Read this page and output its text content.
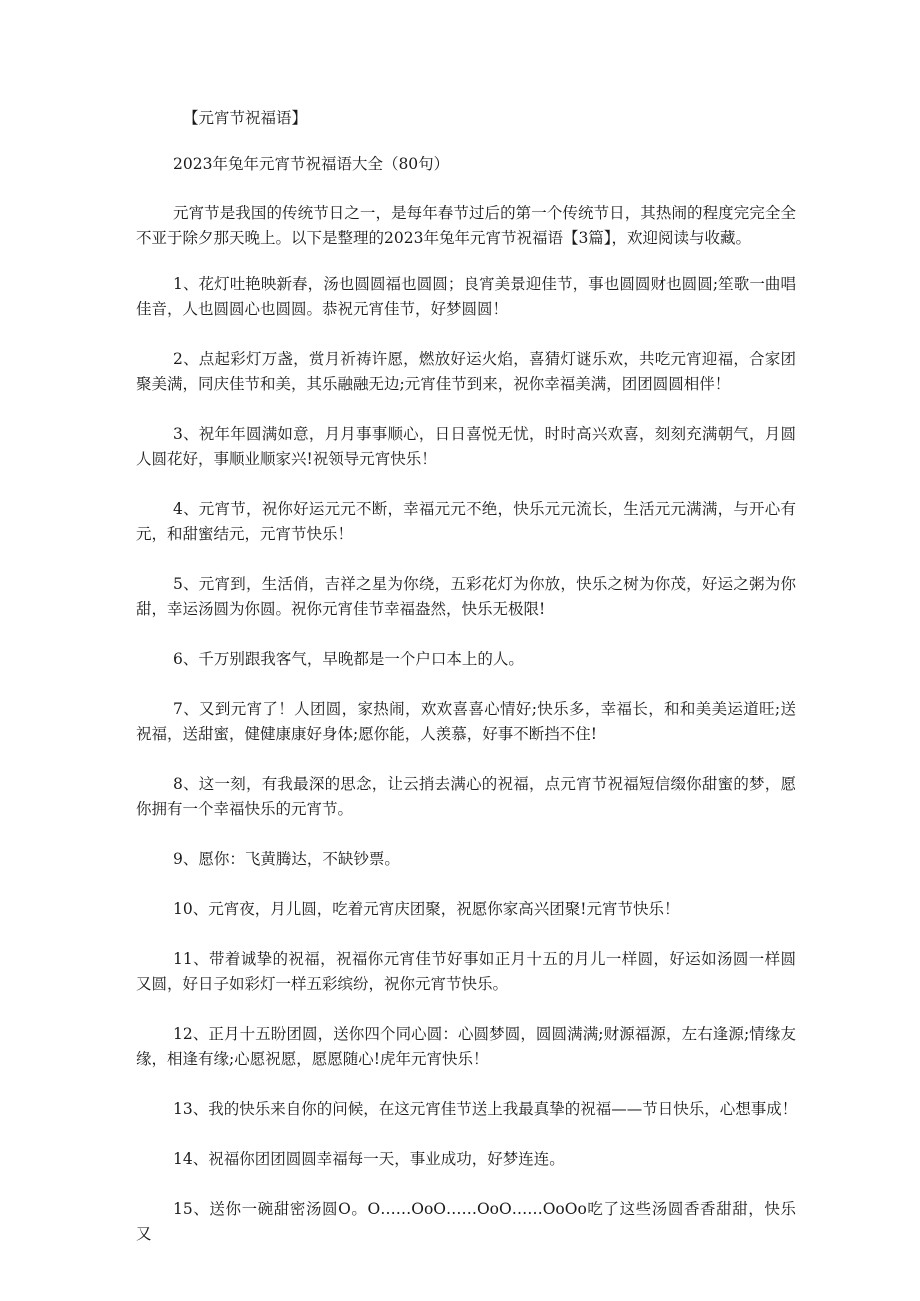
【元宵节祝福语】
2023年兔年元宵节祝福语大全（80句）

元宵节是我国的传统节日之一，是每年春节过后的第一个传统节日，其热闹的程度完完全全不亚于除夕那天晚上。以下是整理的2023年兔年元宵节祝福语【3篇】，欢迎阅读与收藏。

1、花灯吐艳映新春，汤也圆圆福也圆圆；良宵美景迎佳节，事也圆圆财也圆圆;笙歌一曲唱佳音，人也圆圆心也圆圆。恭祝元宵佳节，好梦圆圆！

2、点起彩灯万盏，赏月祈祷许愿，燃放好运火焰，喜猜灯谜乐欢，共吃元宵迎福，合家团聚美满，同庆佳节和美，其乐融融无边;元宵佳节到来，祝你幸福美满，团团圆圆相伴！

3、祝年年圆满如意，月月事事顺心，日日喜悦无忧，时时高兴欢喜，刻刻充满朝气，月圆人圆花好，事顺业顺家兴!祝领导元宵快乐！

4、元宵节，祝你好运元元不断，幸福元元不绝，快乐元元流长，生活元元满满，与开心有元，和甜蜜结元，元宵节快乐！

5、元宵到，生活俏，吉祥之星为你绕，五彩花灯为你放，快乐之树为你茂，好运之粥为你甜，幸运汤圆为你圆。祝你元宵佳节幸福盎然，快乐无极限!

6、千万别跟我客气，早晚都是一个户口本上的人。

7、又到元宵了！人团圆，家热闹，欢欢喜喜心情好;快乐多，幸福长，和和美美运道旺;送祝福，送甜蜜，健健康康好身体;愿你能，人羡慕，好事不断挡不住!

8、这一刻，有我最深的思念，让云捎去满心的祝福，点元宵节祝福短信缀你甜蜜的梦，愿你拥有一个幸福快乐的元宵节。

9、愿你：飞黄腾达，不缺钞票。

10、元宵夜，月儿圆，吃着元宵庆团聚，祝愿你家高兴团聚!元宵节快乐！

11、带着诚挚的祝福，祝福你元宵佳节好事如正月十五的月儿一样圆，好运如汤圆一样圆又圆，好日子如彩灯一样五彩缤纷，祝你元宵节快乐。

12、正月十五盼团圆，送你四个同心圆：心圆梦圆，圆圆满满;财源福源，左右逢源;情缘友缘，相逢有缘;心愿祝愿，愿愿随心!虎年元宵快乐！

13、我的快乐来自你的问候，在这元宵佳节送上我最真挚的祝福——节日快乐，心想事成！

14、祝福你团团圆圆幸福每一天，事业成功，好梦连连。

15、送你一碗甜密汤圆O。O……OoO……OoO……OoOo吃了这些汤圆香香甜甜，快乐又
